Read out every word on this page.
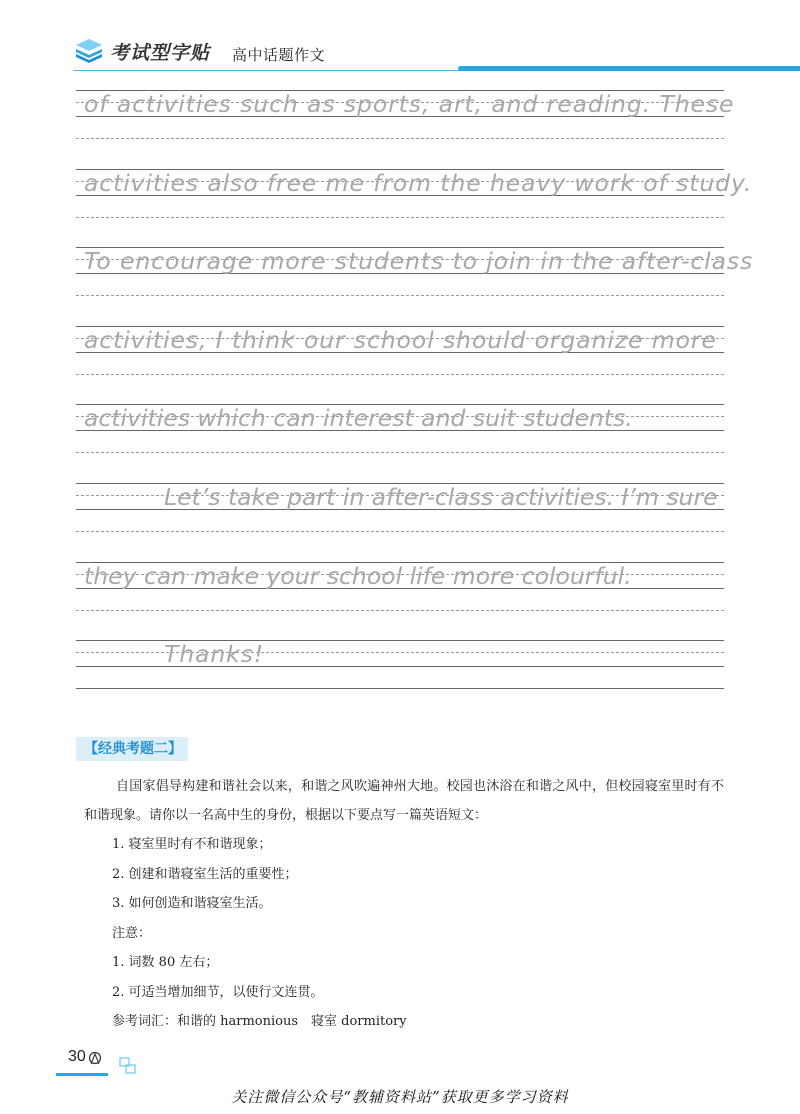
考试型字贴 高中话题作文
of activities such as sports, art, and reading. These
activities also free me from the heavy work of study.
To encourage more students to join in the after-class
activities, I think our school should organize more
activities which can interest and suit students.
Let’s take part in after-class activities. I’m sure
they can make your school life more colourful.
Thanks!
【经典考题二】

自国家倡导构建和谐社会以来，和谐之风吹遍神州大地。校园也沐浴在和谐之风中，但校园寝室里时有不和谐现象。请你以一名高中生的身份，根据以下要点写一篇英语短文：

1. 寝室里时有不和谐现象；

2. 创建和谐寝室生活的重要性；

3. 如何创造和谐寝室生活。

注意：

1. 词数 80 左右；

2. 可适当增加细节，以使行文连贯。

参考词汇：和谐的 harmonious　寝室 dormitory

30
关注微信公众号“教辅资料站”获取更多学习资料
